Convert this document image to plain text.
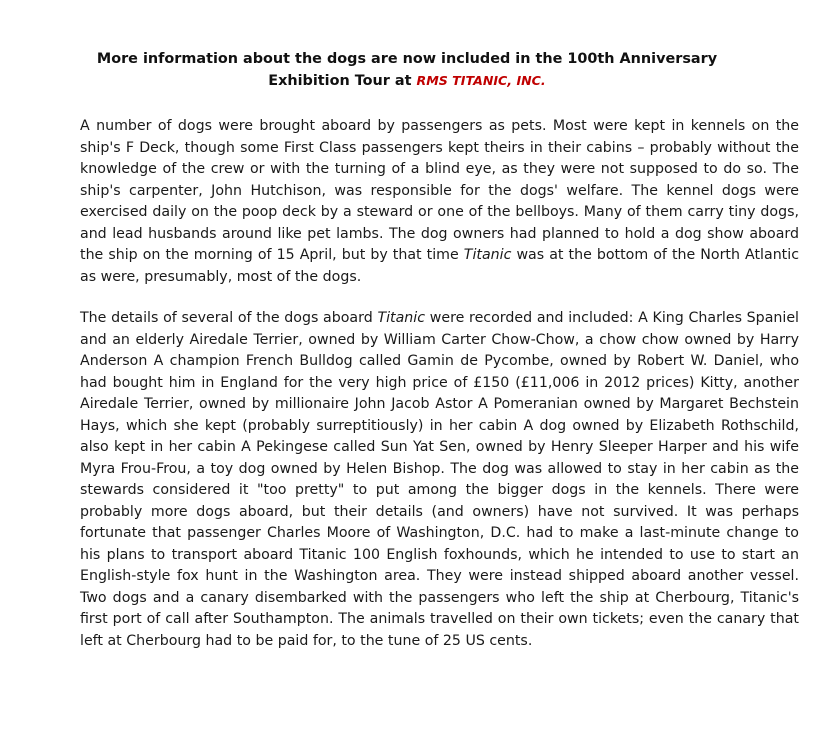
More information about the dogs are now included in the 100th Anniversary
Exhibition Tour at RMS TITANIC, INC.

A number of dogs were brought aboard by passengers as pets. Most were kept in kennels on the ship's F Deck, though some First Class passengers kept theirs in their cabins – probably without the knowledge of the crew or with the turning of a blind eye, as they were not supposed to do so. The ship's carpenter, John Hutchison, was responsible for the dogs' welfare. The kennel dogs were exercised daily on the poop deck by a steward or one of the bellboys. Many of them carry tiny dogs, and lead husbands around like pet lambs. The dog owners had planned to hold a dog show aboard the ship on the morning of 15 April, but by that time Titanic was at the bottom of the North Atlantic as were, presumably, most of the dogs.

The details of several of the dogs aboard Titanic were recorded and included: A King Charles Spaniel and an elderly Airedale Terrier, owned by William Carter Chow-Chow, a chow chow owned by Harry Anderson A champion French Bulldog called Gamin de Pycombe, owned by Robert W. Daniel, who had bought him in England for the very high price of £150 (£11,006 in 2012 prices) Kitty, another Airedale Terrier, owned by millionaire John Jacob Astor A Pomeranian owned by Margaret Bechstein Hays, which she kept (probably surreptitiously) in her cabin A dog owned by Elizabeth Rothschild, also kept in her cabin A Pekingese called Sun Yat Sen, owned by Henry Sleeper Harper and his wife Myra Frou-Frou, a toy dog owned by Helen Bishop. The dog was allowed to stay in her cabin as the stewards considered it "too pretty" to put among the bigger dogs in the kennels. There were probably more dogs aboard, but their details (and owners) have not survived. It was perhaps fortunate that passenger Charles Moore of Washington, D.C. had to make a last-minute change to his plans to transport aboard Titanic 100 English foxhounds, which he intended to use to start an English-style fox hunt in the Washington area. They were instead shipped aboard another vessel. Two dogs and a canary disembarked with the passengers who left the ship at Cherbourg, Titanic's first port of call after Southampton. The animals travelled on their own tickets; even the canary that left at Cherbourg had to be paid for, to the tune of 25 US cents.
